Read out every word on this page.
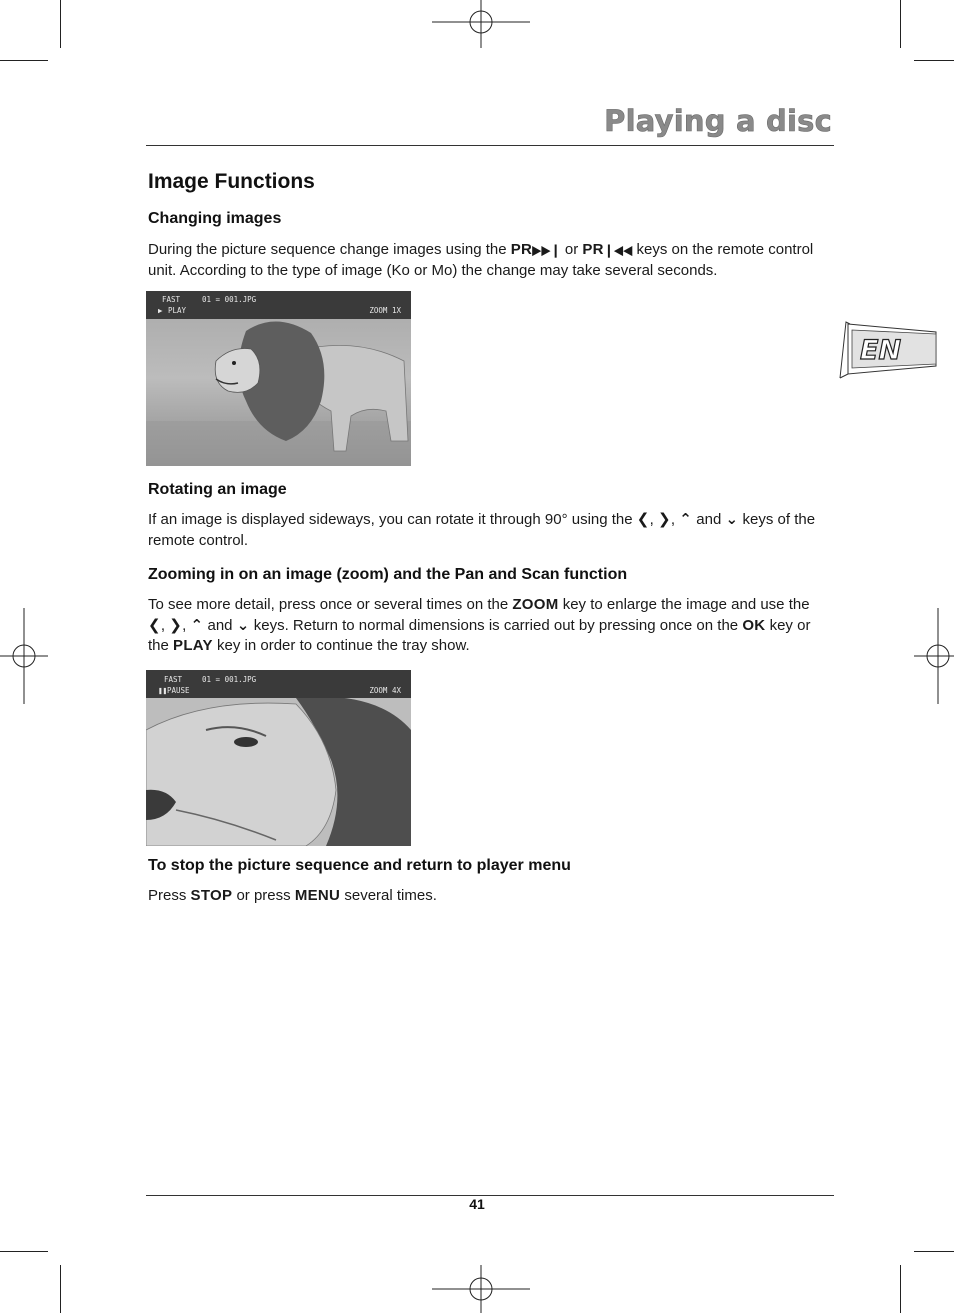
Playing a disc
EN
Image Functions
Changing images
During the picture sequence change images using the PR▶▶❙ or PR❙◀◀ keys on the remote control unit. According to the type of image (Ko or Mo) the change may take several seconds.
FAST	01 = 001.JPG
▶ PLAY	ZOOM 1X
Rotating an image
If an image is displayed sideways, you can rotate it through 90° using the ❮, ❯, ⌃ and ⌄ keys of the remote control.
Zooming in on an image (zoom) and the Pan and Scan function
To see more detail, press once or several times on the ZOOM key to enlarge the image and use the ❮, ❯, ⌃ and ⌄ keys. Return to normal dimensions is carried out by pressing once on the OK key or the PLAY key in order to continue the tray show.
FAST	01 = 001.JPG
❚❚ PAUSE	ZOOM 4X
To stop the picture sequence and return to player menu
Press STOP or press MENU several times.
41
